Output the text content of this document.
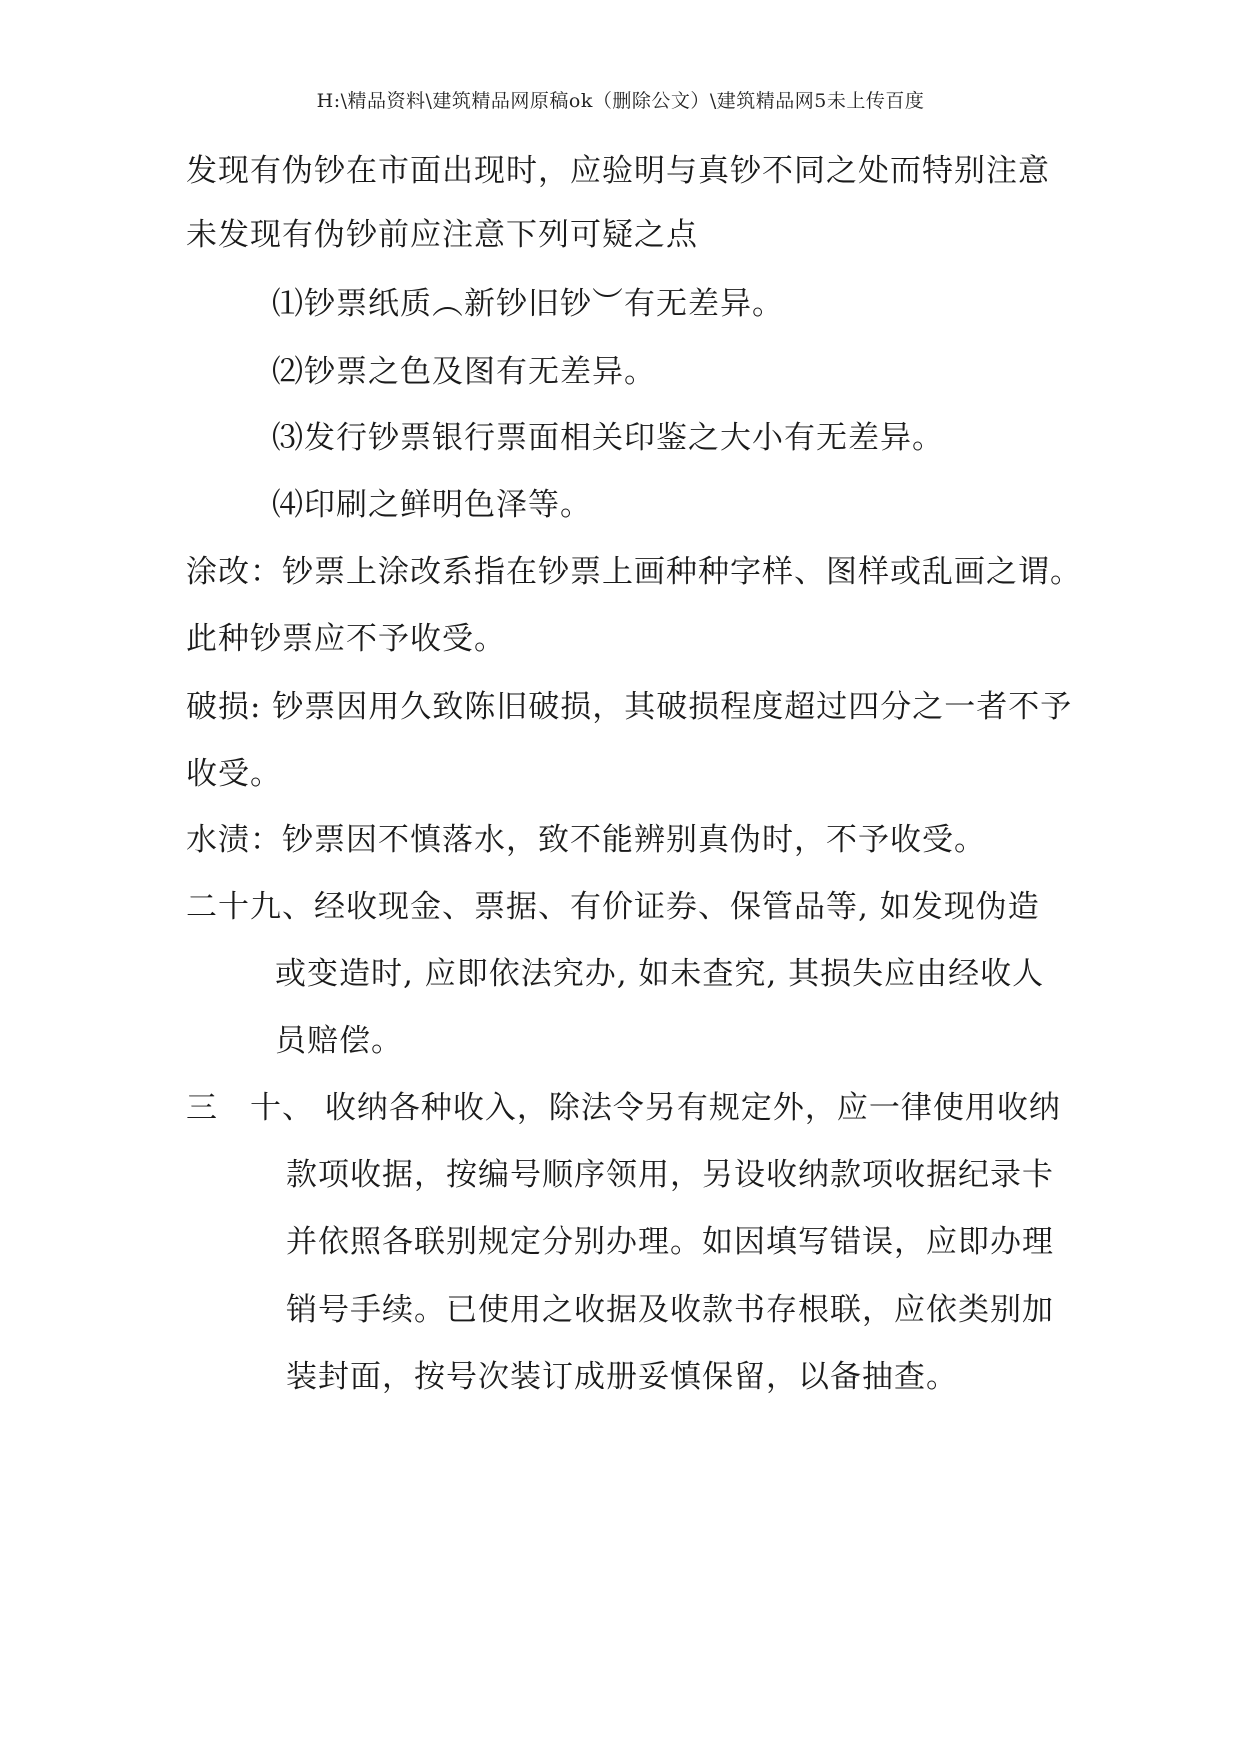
H:\精品资料\建筑精品网原稿ok（删除公文）\建筑精品网5未上传百度
发现有伪钞在市面出现时，应验明与真钞不同之处而特别注意
未发现有伪钞前应注意下列可疑之点
⑴钞票纸质︵新钞旧钞︶有无差异。
⑵钞票之色及图有无差异。
⑶发行钞票银行票面相关印鉴之大小有无差异。
⑷印刷之鲜明色泽等。
涂改：钞票上涂改系指在钞票上画种种字样、图样或乱画之谓。
此种钞票应不予收受。
破损: 钞票因用久致陈旧破损，其破损程度超过四分之一者不予
收受。
水渍：钞票因不慎落水，致不能辨别真伪时，不予收受。
二十九、经收现金、票据、有价证券、保管品等, 如发现伪造
或变造时, 应即依法究办, 如未查究, 其损失应由经收人
员赔偿。
三　十、 收纳各种收入，除法令另有规定外，应一律使用收纳
款项收据，按编号顺序领用，另设收纳款项收据纪录卡
并依照各联别规定分别办理。如因填写错误，应即办理
销号手续。已使用之收据及收款书存根联，应依类别加
装封面，按号次装订成册妥慎保留，以备抽查。
